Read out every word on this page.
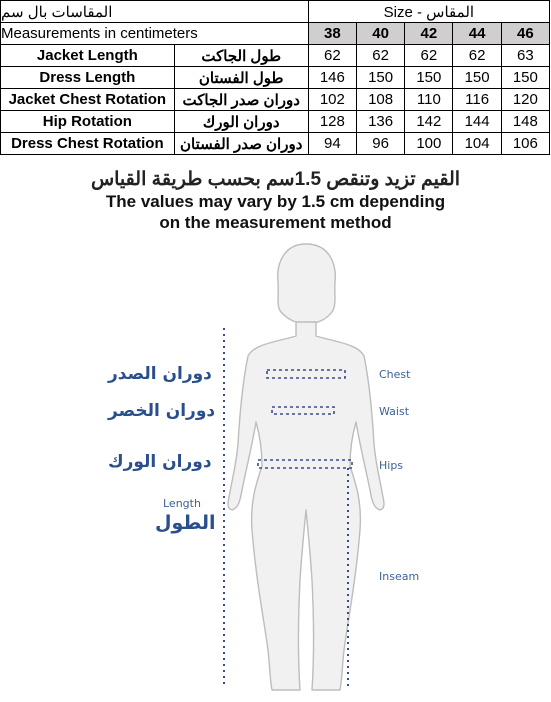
المقاسات بال سم		المقاس - Size				
Measurements in centimeters		38	40	42	44	46
Jacket Length	طول الجاكت	62	62	62	62	63
Dress Length	طول الفستان	146	150	150	150	150
Jacket Chest Rotation	دوران صدر الجاكت	102	108	110	116	120
Hip Rotation	دوران الورك	128	136	142	144	148
Dress Chest Rotation	دوران صدر الفستان	94	96	100	104	106
القيم تزيد وتنقص 1.5سم بحسب طريقة القياس
The values may vary by 1.5 cm depending
on the measurement method
دوران الصدر
دوران الخصر
دوران الورك
Length
الطول
Chest
Waist
Hips
Inseam
